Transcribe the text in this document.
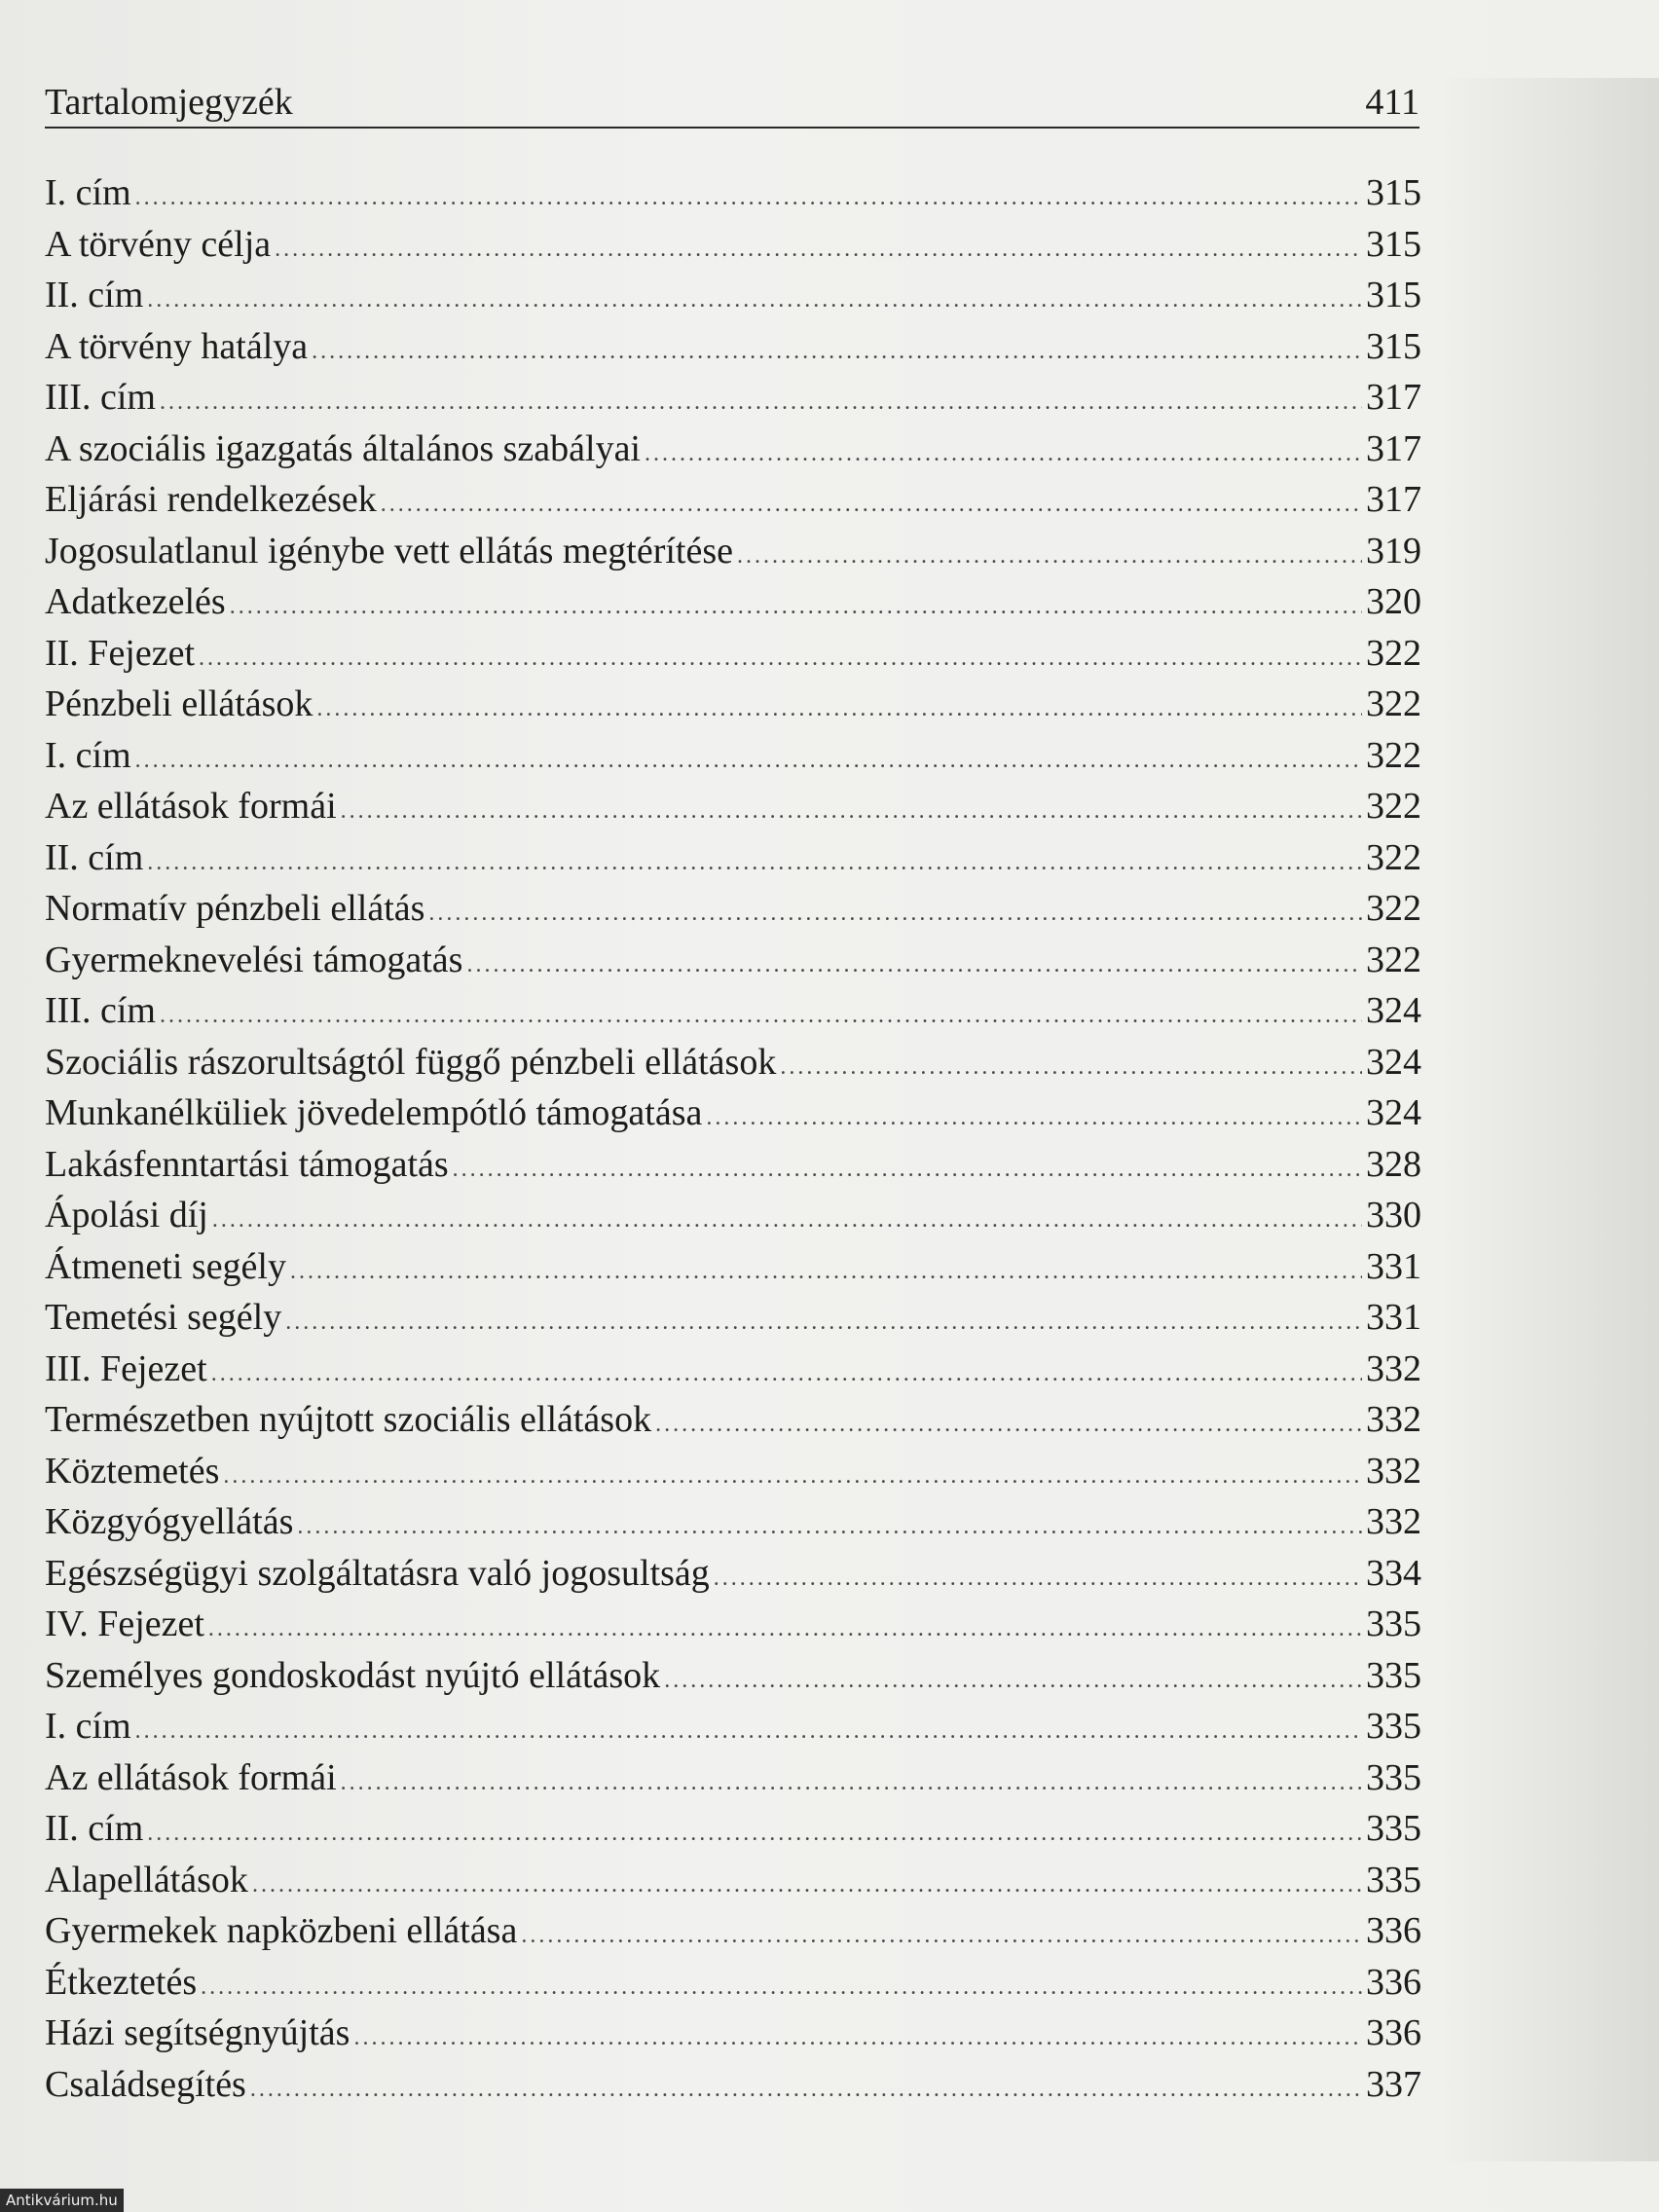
Tartalomjegyzék	411
I. cím .....	315
A törvény célja .....	315
II. cím .....	315
A törvény hatálya .....	315
III. cím .....	317
A szociális igazgatás általános szabályai .....	317
Eljárási rendelkezések .....	317
Jogosulatlanul igénybe vett ellátás megtérítése .....	319
Adatkezelés .....	320
II. Fejezet .....	322
Pénzbeli ellátások .....	322
I. cím .....	322
Az ellátások formái .....	322
II. cím .....	322
Normatív pénzbeli ellátás .....	322
Gyermeknevelési támogatás .....	322
III. cím .....	324
Szociális rászorultságtól függő pénzbeli ellátások .....	324
Munkanélküliek jövedelempótló támogatása .....	324
Lakásfenntartási támogatás .....	328
Ápolási díj .....	330
Átmeneti segély .....	331
Temetési segély .....	331
III. Fejezet .....	332
Természetben nyújtott szociális ellátások .....	332
Köztemetés .....	332
Közgyógyellátás .....	332
Egészségügyi szolgáltatásra való jogosultság .....	334
IV. Fejezet .....	335
Személyes gondoskodást nyújtó ellátások .....	335
I. cím .....	335
Az ellátások formái .....	335
II. cím .....	335
Alapellátások .....	335
Gyermekek napközbeni ellátása .....	336
Étkeztetés .....	336
Házi segítségnyújtás .....	336
Családsegítés .....	337
Antikvárium.hu
